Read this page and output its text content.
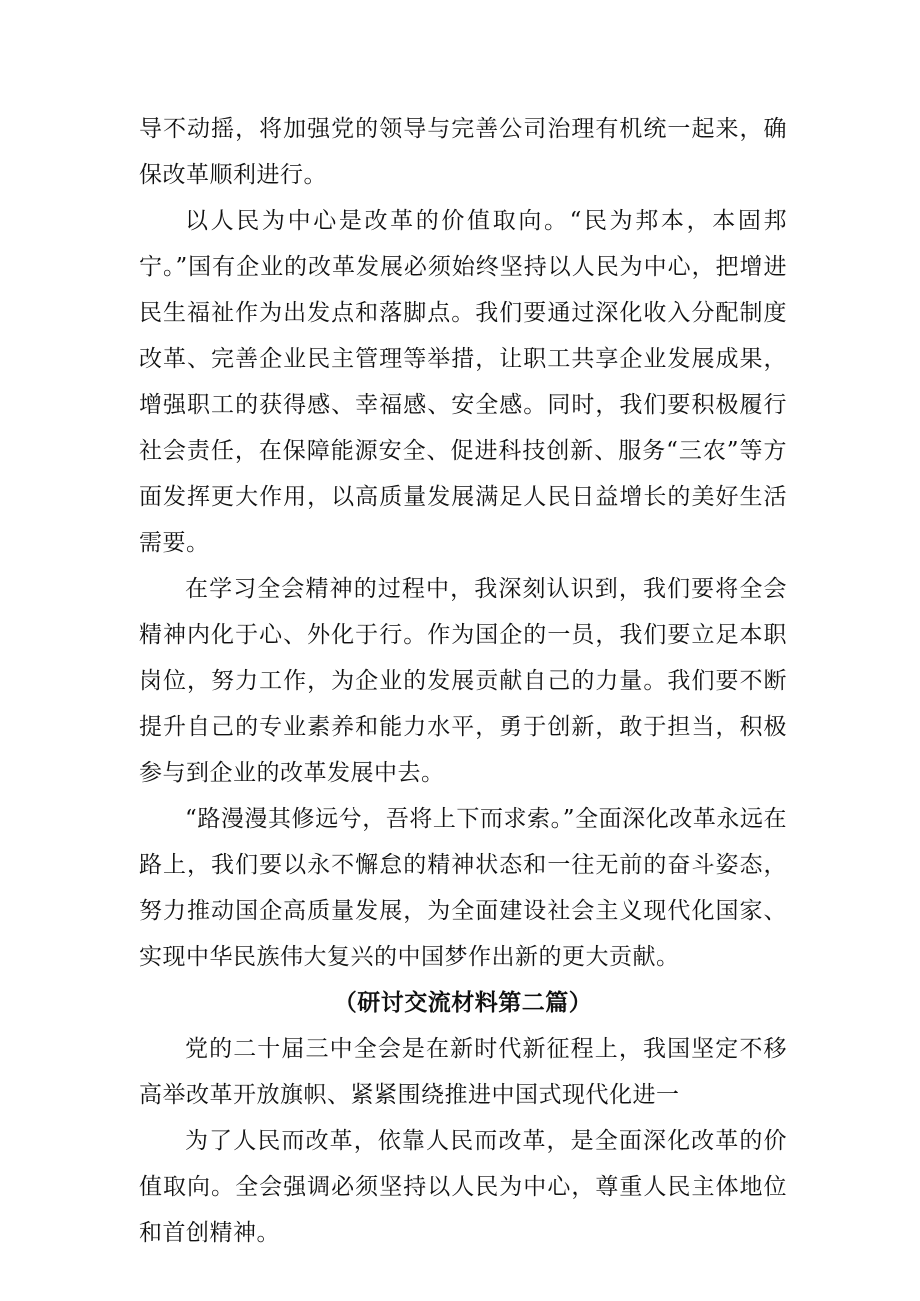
导不动摇，将加强党的领导与完善公司治理有机统一起来，确保改革顺利进行。

以人民为中心是改革的价值取向。“民为邦本，本固邦宁。”国有企业的改革发展必须始终坚持以人民为中心，把增进民生福祉作为出发点和落脚点。我们要通过深化收入分配制度改革、完善企业民主管理等举措，让职工共享企业发展成果，增强职工的获得感、幸福感、安全感。同时，我们要积极履行社会责任，在保障能源安全、促进科技创新、服务“三农”等方面发挥更大作用，以高质量发展满足人民日益增长的美好生活需要。

在学习全会精神的过程中，我深刻认识到，我们要将全会精神内化于心、外化于行。作为国企的一员，我们要立足本职岗位，努力工作，为企业的发展贡献自己的力量。我们要不断提升自己的专业素养和能力水平，勇于创新，敢于担当，积极参与到企业的改革发展中去。

“路漫漫其修远兮，吾将上下而求索。”全面深化改革永远在路上，我们要以永不懈怠的精神状态和一往无前的奋斗姿态，努力推动国企高质量发展，为全面建设社会主义现代化国家、实现中华民族伟大复兴的中国梦作出新的更大贡献。

（研讨交流材料第二篇）

党的二十届三中全会是在新时代新征程上，我国坚定不移高举改革开放旗帜、紧紧围绕推进中国式现代化进一

为了人民而改革，依靠人民而改革，是全面深化改革的价值取向。全会强调必须坚持以人民为中心，尊重人民主体地位和首创精神。
